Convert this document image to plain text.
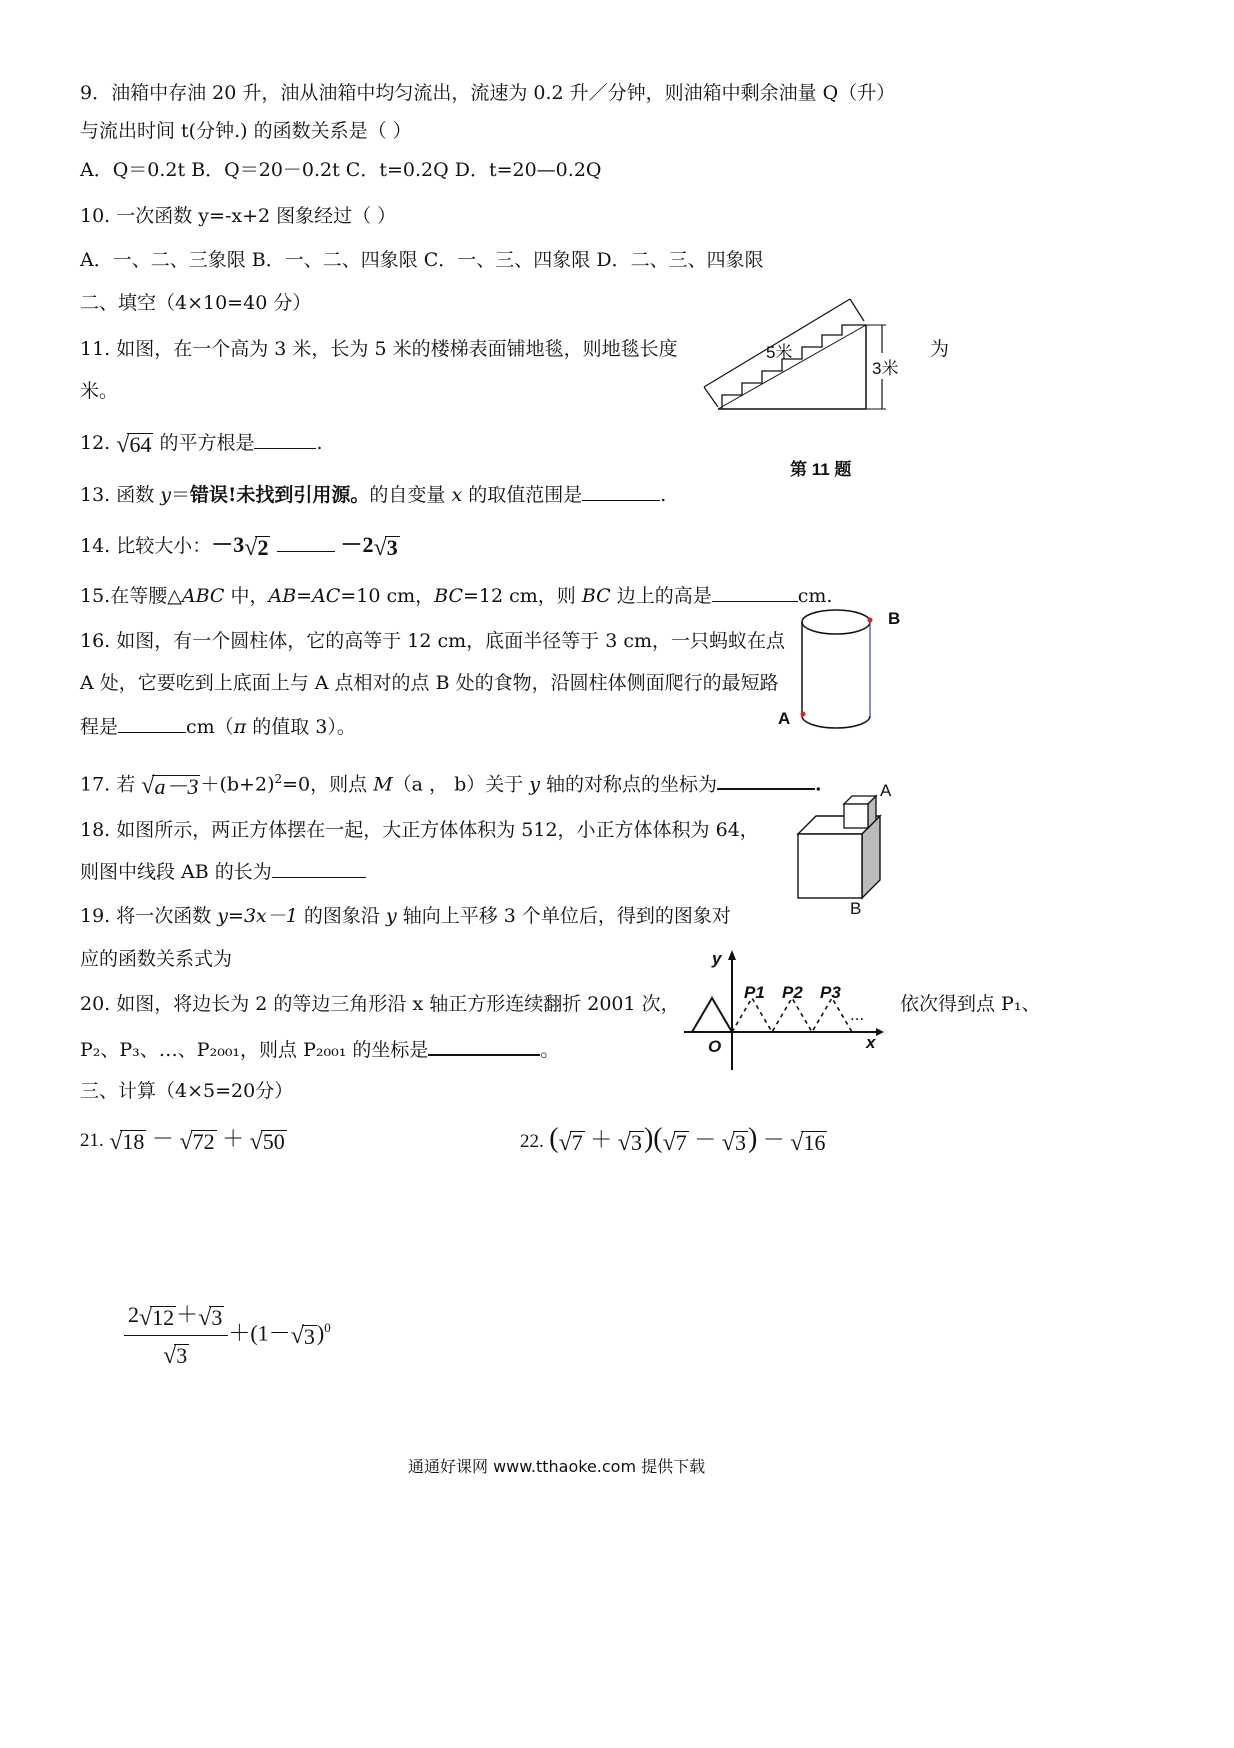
9．油箱中存油 20 升，油从油箱中均匀流出，流速为 0.2 升／分钟，则油箱中剩余油量 Q（升）
与流出时间 t(分钟.) 的函数关系是（ ）
A．Q＝0.2t B．Q＝20－0.2t C．t=0.2Q D．t=20—0.2Q
10. 一次函数 y=-x+2 图象经过（ ）
A．一、二、三象限 B．一、二、四象限 C．一、三、四象限 D．二、三、四象限
二、填空（4×10=40 分）
11. 如图，在一个高为 3 米，长为 5 米的楼梯表面铺地毯，则地毯长度	为
米。
5米
3米
第 11 题
12. √64 的平方根是	.
13. 函数 y＝错误!未找到引用源。的自变量 x 的取值范围是	.
14. 比较大小：－3√2	－2√3
15.在等腰△ABC 中，AB=AC=10 cm，BC=12 cm，则 BC 边上的高是	cm.
16. 如图，有一个圆柱体，它的高等于 12 cm，底面半径等于 3 cm，一只蚂蚁在点
A 处，它要吃到上底面上与 A 点相对的点 B 处的食物，沿圆柱体侧面爬行的最短路
程是	cm（π 的值取 3）。
B
A
17. 若 $√a-3 +(b+2)^2=0$，则点 M（a ， b）关于 y 轴的对称点的坐标为	.
18. 如图所示，两正方体摆在一起，大正方体体积为 512，小正方体体积为 64，
则图中线段 AB 的长为
A
B
19. 将一次函数 y=3x－1 的图象沿 y 轴向上平移 3 个单位后，得到的图象对
应的函数关系式为
20. 如图，将边长为 2 的等边三角形沿 x 轴正方形连续翻折 2001 次，	依次得到点 P₁、
P₂、P₃、…、P₂₀₀₁，则点 P₂₀₀₁ 的坐标是	。
y
x
O
P1 P2 P3
...
三、计算（4×5=20分）
21. √18 － √72 ＋ √50	22. (√7 ＋ √3)(√7 － √3) － √16
$\frac{2√12+√3}{√3} +(1-√3)^0$
通通好课网 www.tthaoke.com 提供下载
